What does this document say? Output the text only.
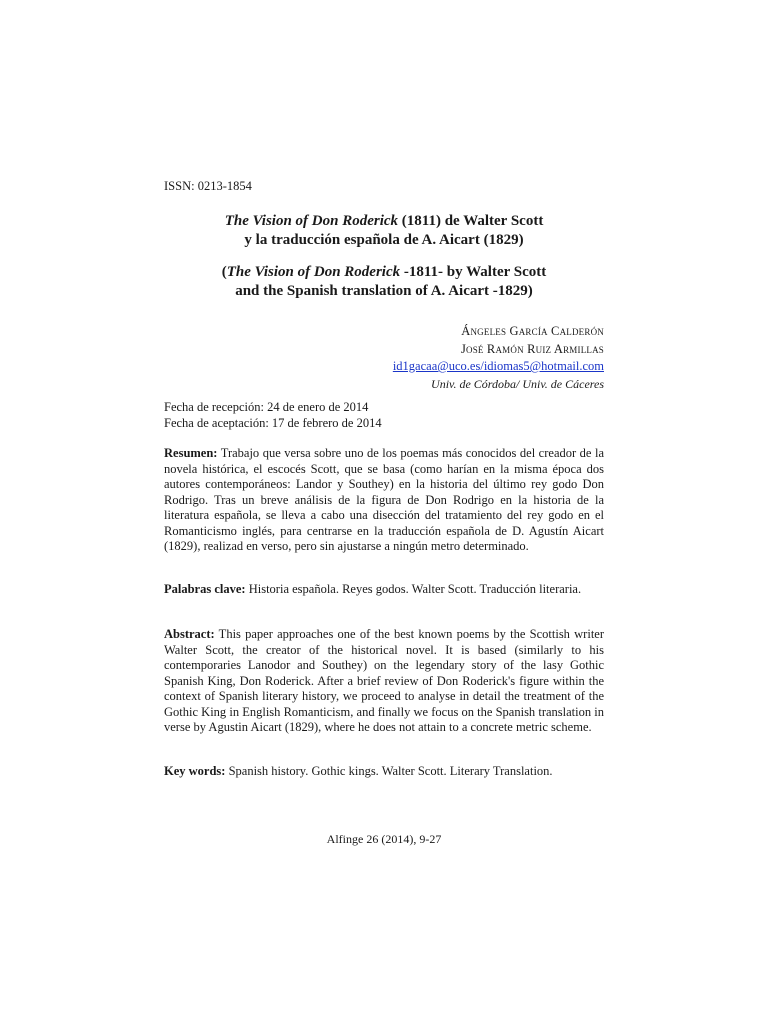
ISSN: 0213-1854
The Vision of Don Roderick (1811) de Walter Scott
y la traducción española de A. Aicart (1829)
(The Vision of Don Roderick -1811- by Walter Scott
and the Spanish translation of A. Aicart -1829)
Ángeles García Calderón
José Ramón Ruiz Armillas
id1gacaa@uco.es/idiomas5@hotmail.com
Univ. de Córdoba/ Univ. de Cáceres
Fecha de recepción: 24 de enero de 2014
Fecha de aceptación: 17 de febrero de 2014
Resumen: Trabajo que versa sobre uno de los poemas más conocidos del creador de la novela histórica, el escocés Scott, que se basa (como harían en la misma época dos autores contemporáneos: Landor y Southey) en la historia del último rey godo Don Rodrigo. Tras un breve análisis de la figura de Don Rodrigo en la historia de la literatura española, se lleva a cabo una disección del tratamiento del rey godo en el Romanticismo inglés, para centrarse en la traducción española de D. Agustín Aicart (1829), realizad en verso, pero sin ajustarse a ningún metro determinado.
Palabras clave: Historia española. Reyes godos. Walter Scott. Traducción literaria.
Abstract: This paper approaches one of the best known poems by the Scottish writer Walter Scott, the creator of the historical novel. It is based (similarly to his contemporaries Lanodor and Southey) on the legendary story of the lasy Gothic Spanish King, Don Roderick. After a brief review of Don Roderick's figure within the context of Spanish literary history, we proceed to analyse in detail the treatment of the Gothic King in English Romanticism, and finally we focus on the Spanish translation in verse by Agustin Aicart (1829), where he does not attain to a concrete metric scheme.
Key words: Spanish history. Gothic kings. Walter Scott. Literary Translation.
Alfinge 26 (2014), 9-27
